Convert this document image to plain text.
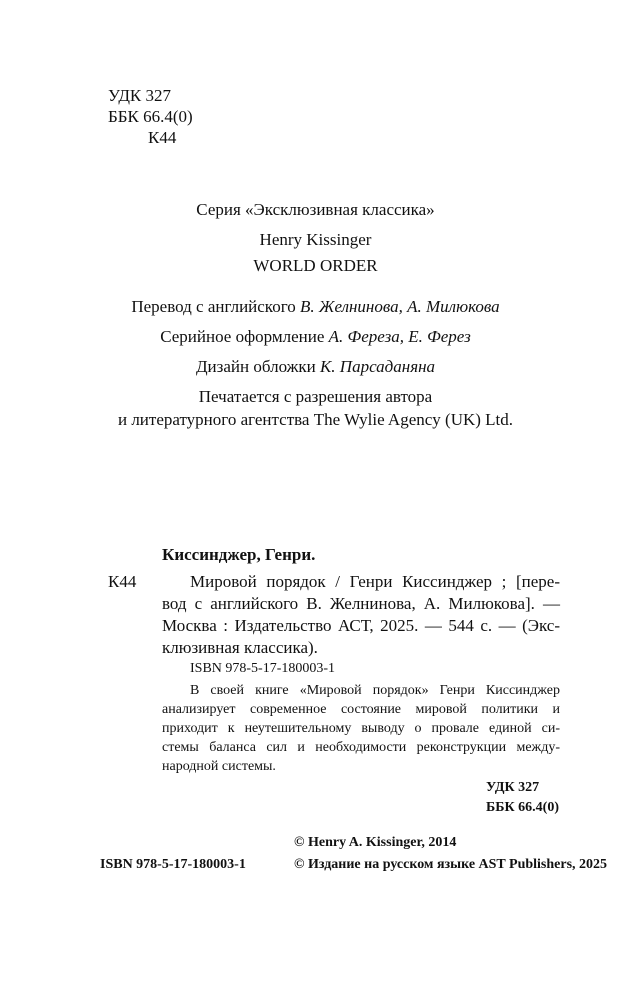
УДК 327
ББК 66.4(0)
К44
Серия «Эксклюзивная классика»
Henry Kissinger
WORLD ORDER
Перевод с английского В. Желнинова, А. Милюкова
Серийное оформление А. Фереза, Е. Ферез
Дизайн обложки К. Парсаданяна
Печатается с разрешения автора
и литературного агентства The Wylie Agency (UK) Ltd.
Киссинджер, Генри.
К44	Мировой порядок / Генри Киссинджер ; [пере-
вод с английского В. Желнинова, А. Милюкова]. —
Москва : Издательство АСТ, 2025. — 544 с. — (Экс-
клюзивная классика).
ISBN 978-5-17-180003-1
В своей книге «Мировой порядок» Генри Киссинджер
анализирует современное состояние мировой политики и
приходит к неутешительному выводу о провале единой си-
стемы баланса сил и необходимости реконструкции между-
народной системы.
УДК 327
ББК 66.4(0)
© Henry A. Kissinger, 2014
ISBN 978-5-17-180003-1	© Издание на русском языке AST Publishers, 2025
